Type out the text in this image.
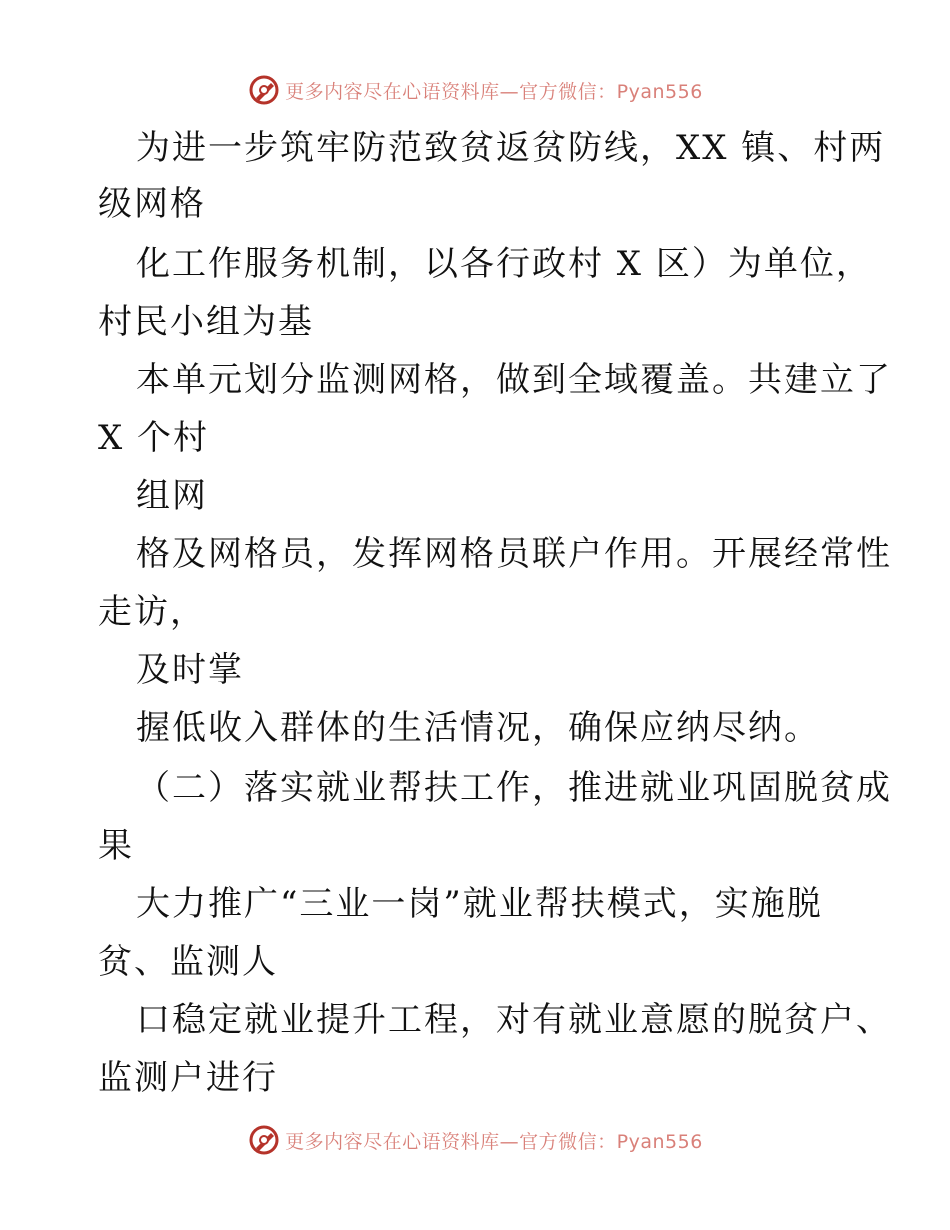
更多内容尽在心语资料库—官方微信：Pyan556
为进一步筑牢防范致贫返贫防线，XX 镇、村两
级网格
化工作服务机制，以各行政村 X 区）为单位，
村民小组为基
本单元划分监测网格，做到全域覆盖。共建立了
X 个村
组网
格及网格员，发挥网格员联户作用。开展经常性
走访，
及时掌
握低收入群体的生活情况，确保应纳尽纳。
（二）落实就业帮扶工作，推进就业巩固脱贫成
果
大力推广“三业一岗”就业帮扶模式，实施脱
贫、监测人
口稳定就业提升工程，对有就业意愿的脱贫户、
监测户进行
更多内容尽在心语资料库—官方微信：Pyan556
